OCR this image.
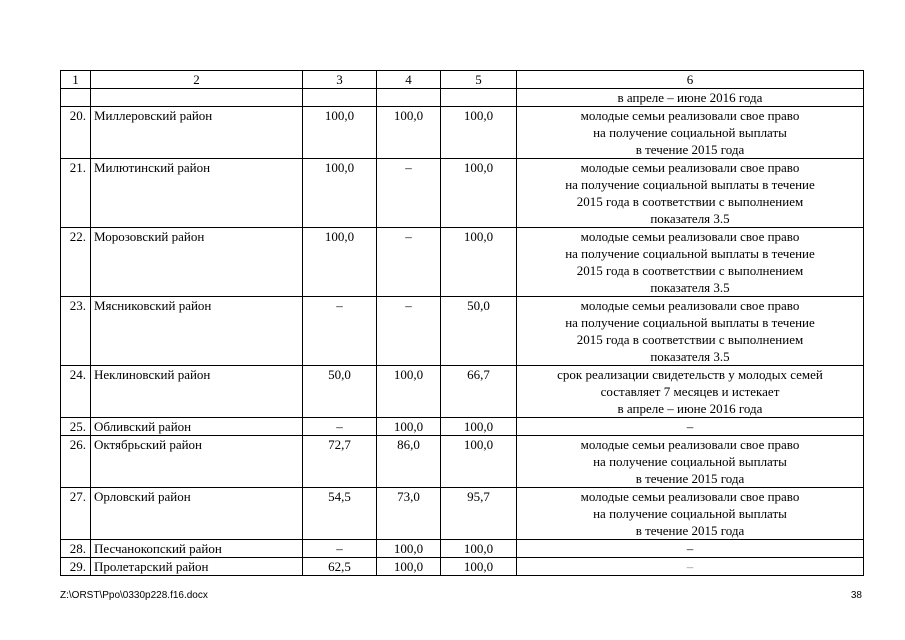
1	2	3	4	5	6
					в апреле – июне 2016 года
20.	Миллеровский район	100,0	100,0	100,0	молодые семьи реализовали свое право
на получение социальной выплаты
в течение 2015 года

21.	Милютинский район	100,0	–	100,0	молодые семьи реализовали свое право
на получение социальной выплаты в течение
2015 года в соответствии с выполнением
показателя 3.5

22.	Морозовский район	100,0	–	100,0	молодые семьи реализовали свое право
на получение социальной выплаты в течение
2015 года в соответствии с выполнением
показателя 3.5

23.	Мясниковский район	–	–	50,0	молодые семьи реализовали свое право
на получение социальной выплаты в течение
2015 года в соответствии с выполнением
показателя 3.5

24.	Неклиновский район	50,0	100,0	66,7	срок реализации свидетельств у молодых семей
составляет 7 месяцев и истекает
в апреле – июне 2016 года

25.	Обливский район	–	100,0	100,0	–

26.	Октябрьский район	72,7	86,0	100,0	молодые семьи реализовали свое право
на получение социальной выплаты
в течение 2015 года

27.	Орловский район	54,5	73,0	95,7	молодые семьи реализовали свое право
на получение социальной выплаты
в течение 2015 года

28.	Песчанокопский район	–	100,0	100,0	–

29.	Пролетарский район	62,5	100,0	100,0	–
Z:\ORST\Ppo\0330p228.f16.docx	38
